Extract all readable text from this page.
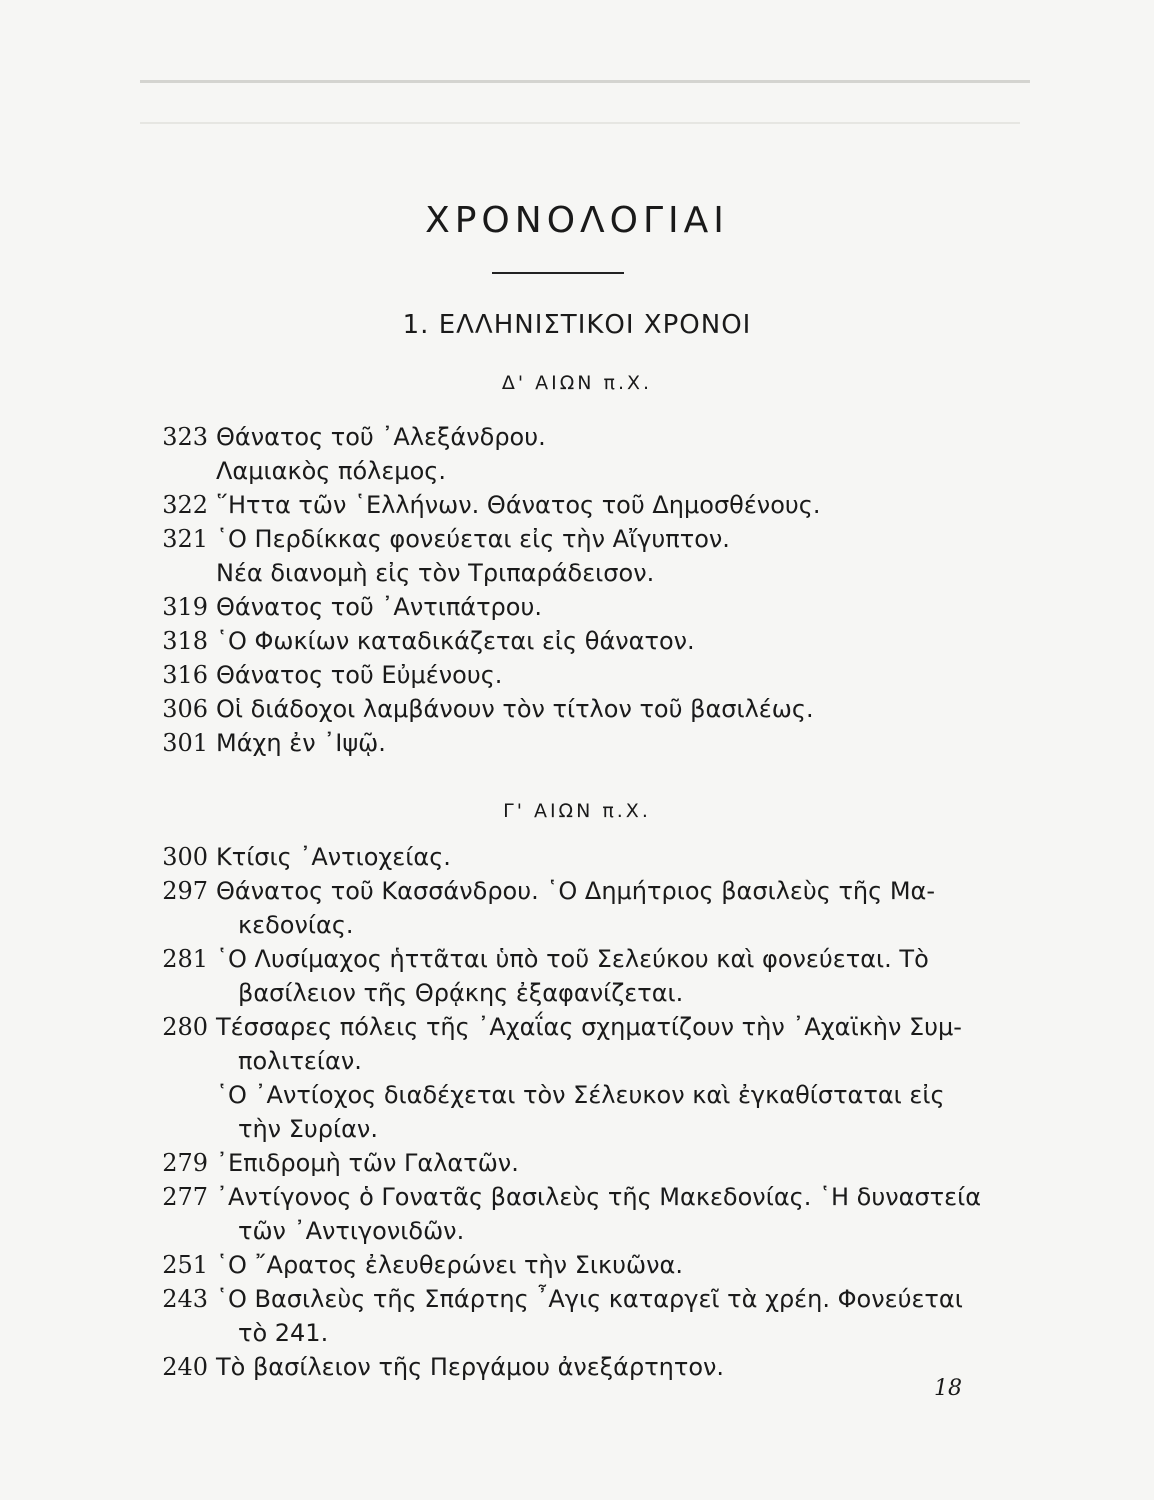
ΧΡΟΝΟΛΟΓΙΑΙ
1. ΕΛΛΗΝΙΣΤΙΚΟΙ ΧΡΟΝΟΙ
Δ' ΑΙΩΝ π.Χ.
323 Θάνατος τοῦ ᾿Αλεξάνδρου.
Λαμιακὸς πόλεμος.
322 ῞Ηττα τῶν ῾Ελλήνων. Θάνατος τοῦ Δημοσθένους.
321 ῾Ο Περδίκκας φονεύεται εἰς τὴν Αἴγυπτον.
Νέα διανομὴ εἰς τὸν Τριπαράδεισον.
319 Θάνατος τοῦ ᾿Αντιπάτρου.
318 ῾Ο Φωκίων καταδικάζεται εἰς θάνατον.
316 Θάνατος τοῦ Εὐμένους.
306 Οἱ διάδοχοι λαμβάνουν τὸν τίτλον τοῦ βασιλέως.
301 Μάχη ἐν ᾿Ιψῷ.
Γ' ΑΙΩΝ π.Χ.
300 Κτίσις ᾿Αντιοχείας.
297 Θάνατος τοῦ Κασσάνδρου. ῾Ο Δημήτριος βασιλεὺς τῆς Μα-
κεδονίας.
281 ῾Ο Λυσίμαχος ἡττᾶται ὑπὸ τοῦ Σελεύκου καὶ φονεύεται. Τὸ
βασίλειον τῆς Θρᾴκης ἐξαφανίζεται.
280 Τέσσαρες πόλεις τῆς ᾿Αχαΐας σχηματίζουν τὴν ᾿Αχαϊκὴν Συμ-
πολιτείαν.
῾Ο ᾿Αντίοχος διαδέχεται τὸν Σέλευκον καὶ ἐγκαθίσταται εἰς
τὴν Συρίαν.
279 ᾿Επιδρομὴ τῶν Γαλατῶν.
277 ᾿Αντίγονος ὁ Γονατᾶς βασιλεὺς τῆς Μακεδονίας. ῾Η δυναστεία
τῶν ᾿Αντιγονιδῶν.
251 ῾Ο ῎Αρατος ἐλευθερώνει τὴν Σικυῶνα.
243 ῾Ο Βασιλεὺς τῆς Σπάρτης ῏Αγις καταργεῖ τὰ χρέη. Φονεύεται
τὸ 241.
240 Τὸ βασίλειον τῆς Περγάμου ἀνεξάρτητον.
18
